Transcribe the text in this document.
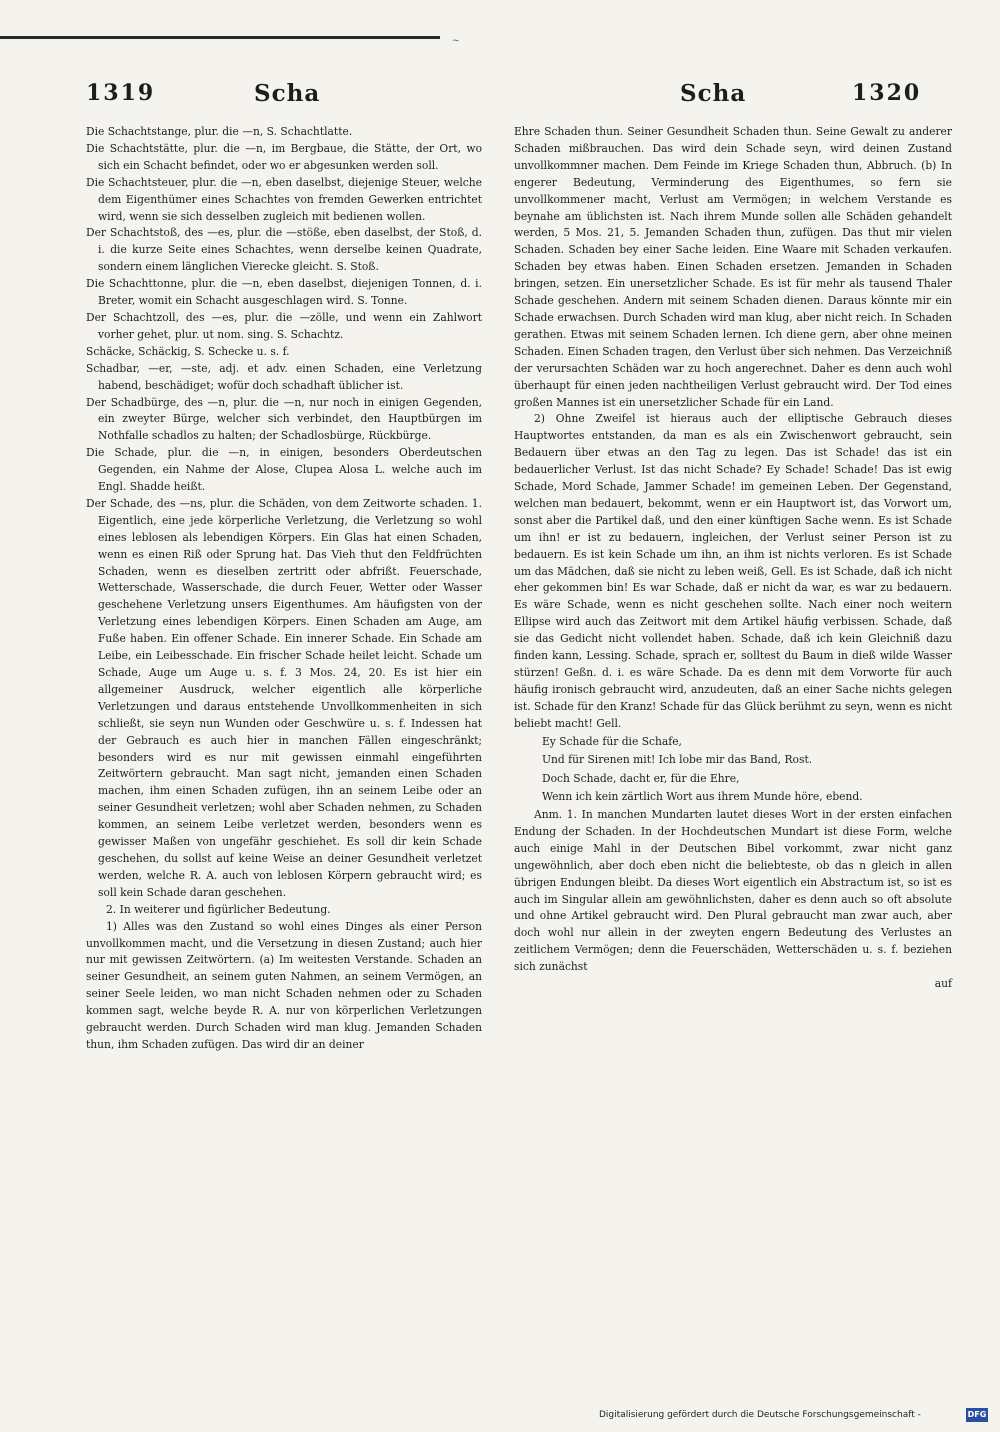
~
1319	Scha	Scha	1320

Die Schachtstange, plur. die —n, S. Schachtlatte.

Die Schachtstätte, plur. die —n, im Bergbaue, die Stätte, der Ort, wo sich ein Schacht befindet, oder wo er abgesunken werden soll.

Die Schachtsteuer, plur. die —n, eben daselbst, diejenige Steuer, welche dem Eigenthümer eines Schachtes von fremden Gewerken entrichtet wird, wenn sie sich desselben zugleich mit bedienen wollen.

Der Schachtstoß, des —es, plur. die —stöße, eben daselbst, der Stoß, d. i. die kurze Seite eines Schachtes, wenn derselbe keinen Quadrate, sondern einem länglichen Vierecke gleicht. S. Stoß.

Die Schachttonne, plur. die —n, eben daselbst, diejenigen Tonnen, d. i. Breter, womit ein Schacht ausgeschlagen wird. S. Tonne.

Der Schachtzoll, des —es, plur. die —zölle, und wenn ein Zahlwort vorher gehet, plur. ut nom. sing. S. Schachtz.

Schäcke, Schäckig, S. Schecke u. s. f.

Schadbar, —er, —ste, adj. et adv. einen Schaden, eine Verletzung habend, beschädiget; wofür doch schadhaft üblicher ist.

Der Schadbürge, des —n, plur. die —n, nur noch in einigen Gegenden, ein zweyter Bürge, welcher sich verbindet, den Hauptbürgen im Nothfalle schadlos zu halten; der Schadlosbürge, Rückbürge.

Die Schade, plur. die —n, in einigen, besonders Oberdeutschen Gegenden, ein Nahme der Alose, Clupea Alosa L. welche auch im Engl. Shadde heißt.

Der Schade, des —ns, plur. die Schäden, von dem Zeitworte schaden. 1. Eigentlich, eine jede körperliche Verletzung, die Verletzung so wohl eines leblosen als lebendigen Körpers. Ein Glas hat einen Schaden, wenn es einen Riß oder Sprung hat. Das Vieh thut den Feldfrüchten Schaden, wenn es dieselben zertritt oder abfrißt. Feuerschade, Wetterschade, Wasserschade, die durch Feuer, Wetter oder Wasser geschehene Verletzung unsers Eigenthumes. Am häufigsten von der Verletzung eines lebendigen Körpers. Einen Schaden am Auge, am Fuße haben. Ein offener Schade. Ein innerer Schade. Ein Schade am Leibe, ein Leibesschade. Ein frischer Schade heilet leicht. Schade um Schade, Auge um Auge u. s. f. 3 Mos. 24, 20. Es ist hier ein allgemeiner Ausdruck, welcher eigentlich alle körperliche Verletzungen und daraus entstehende Unvollkommenheiten in sich schließt, sie seyn nun Wunden oder Geschwüre u. s. f. Indessen hat der Gebrauch es auch hier in manchen Fällen eingeschränkt; besonders wird es nur mit gewissen einmahl eingeführten Zeitwörtern gebraucht. Man sagt nicht, jemanden einen Schaden machen, ihm einen Schaden zufügen, ihn an seinem Leibe oder an seiner Gesundheit verletzen; wohl aber Schaden nehmen, zu Schaden kommen, an seinem Leibe verletzet werden, besonders wenn es gewisser Maßen von ungefähr geschiehet. Es soll dir kein Schade geschehen, du sollst auf keine Weise an deiner Gesundheit verletzet werden, welche R. A. auch von leblosen Körpern gebraucht wird; es soll kein Schade daran geschehen.

2. In weiterer und figürlicher Bedeutung.

1) Alles was den Zustand so wohl eines Dinges als einer Person unvollkommen macht, und die Versetzung in diesen Zustand; auch hier nur mit gewissen Zeitwörtern. (a) Im weitesten Verstande. Schaden an seiner Gesundheit, an seinem guten Nahmen, an seinem Vermögen, an seiner Seele leiden, wo man nicht Schaden nehmen oder zu Schaden kommen sagt, welche beyde R. A. nur von körperlichen Verletzungen gebraucht werden. Durch Schaden wird man klug. Jemanden Schaden thun, ihm Schaden zufügen. Das wird dir an deiner

Ehre Schaden thun. Seiner Gesundheit Schaden thun. Seine Gewalt zu anderer Schaden mißbrauchen. Das wird dein Schade seyn, wird deinen Zustand unvollkommner machen. Dem Feinde im Kriege Schaden thun, Abbruch. (b) In engerer Bedeutung, Verminderung des Eigenthumes, so fern sie unvollkommener macht, Verlust am Vermögen; in welchem Verstande es beynahe am üblichsten ist. Nach ihrem Munde sollen alle Schäden gehandelt werden, 5 Mos. 21, 5. Jemanden Schaden thun, zufügen. Das thut mir vielen Schaden. Schaden bey einer Sache leiden. Eine Waare mit Schaden verkaufen. Schaden bey etwas haben. Einen Schaden ersetzen. Jemanden in Schaden bringen, setzen. Ein unersetzlicher Schade. Es ist für mehr als tausend Thaler Schade geschehen. Andern mit seinem Schaden dienen. Daraus könnte mir ein Schade erwachsen. Durch Schaden wird man klug, aber nicht reich. In Schaden gerathen. Etwas mit seinem Schaden lernen. Ich diene gern, aber ohne meinen Schaden. Einen Schaden tragen, den Verlust über sich nehmen. Das Verzeichniß der verursachten Schäden war zu hoch angerechnet. Daher es denn auch wohl überhaupt für einen jeden nachtheiligen Verlust gebraucht wird. Der Tod eines großen Mannes ist ein unersetzlicher Schade für ein Land.

2) Ohne Zweifel ist hieraus auch der elliptische Gebrauch dieses Hauptwortes entstanden, da man es als ein Zwischenwort gebraucht, sein Bedauern über etwas an den Tag zu legen. Das ist Schade! das ist ein bedauerlicher Verlust. Ist das nicht Schade? Ey Schade! Schade! Das ist ewig Schade, Mord Schade, Jammer Schade! im gemeinen Leben. Der Gegenstand, welchen man bedauert, bekommt, wenn er ein Hauptwort ist, das Vorwort um, sonst aber die Partikel daß, und den einer künftigen Sache wenn. Es ist Schade um ihn! er ist zu bedauern, ingleichen, der Verlust seiner Person ist zu bedauern. Es ist kein Schade um ihn, an ihm ist nichts verloren. Es ist Schade um das Mädchen, daß sie nicht zu leben weiß, Gell. Es ist Schade, daß ich nicht eher gekommen bin! Es war Schade, daß er nicht da war, es war zu bedauern. Es wäre Schade, wenn es nicht geschehen sollte. Nach einer noch weitern Ellipse wird auch das Zeitwort mit dem Artikel häufig verbissen. Schade, daß sie das Gedicht nicht vollendet haben. Schade, daß ich kein Gleichniß dazu finden kann, Lessing. Schade, sprach er, solltest du Baum in dieß wilde Wasser stürzen! Geßn. d. i. es wäre Schade. Da es denn mit dem Vorworte für auch häufig ironisch gebraucht wird, anzudeuten, daß an einer Sache nichts gelegen ist. Schade für den Kranz! Schade für das Glück berühmt zu seyn, wenn es nicht beliebt macht! Gell.

Ey Schade für die Schafe,

Und für Sirenen mit! Ich lobe mir das Band, Rost.

Doch Schade, dacht er, für die Ehre,

Wenn ich kein zärtlich Wort aus ihrem Munde höre, ebend.

Anm. 1. In manchen Mundarten lautet dieses Wort in der ersten einfachen Endung der Schaden. In der Hochdeutschen Mundart ist diese Form, welche auch einige Mahl in der Deutschen Bibel vorkommt, zwar nicht ganz ungewöhnlich, aber doch eben nicht die beliebteste, ob das n gleich in allen übrigen Endungen bleibt. Da dieses Wort eigentlich ein Abstractum ist, so ist es auch im Singular allein am gewöhnlichsten, daher es denn auch so oft absolute und ohne Artikel gebraucht wird. Den Plural gebraucht man zwar auch, aber doch wohl nur allein in der zweyten engern Bedeutung des Verlustes an zeitlichem Vermögen; denn die Feuerschäden, Wetterschäden u. s. f. beziehen sich zunächst

auf

Digitalisierung gefördert durch die Deutsche Forschungsgemeinschaft -	DFG
